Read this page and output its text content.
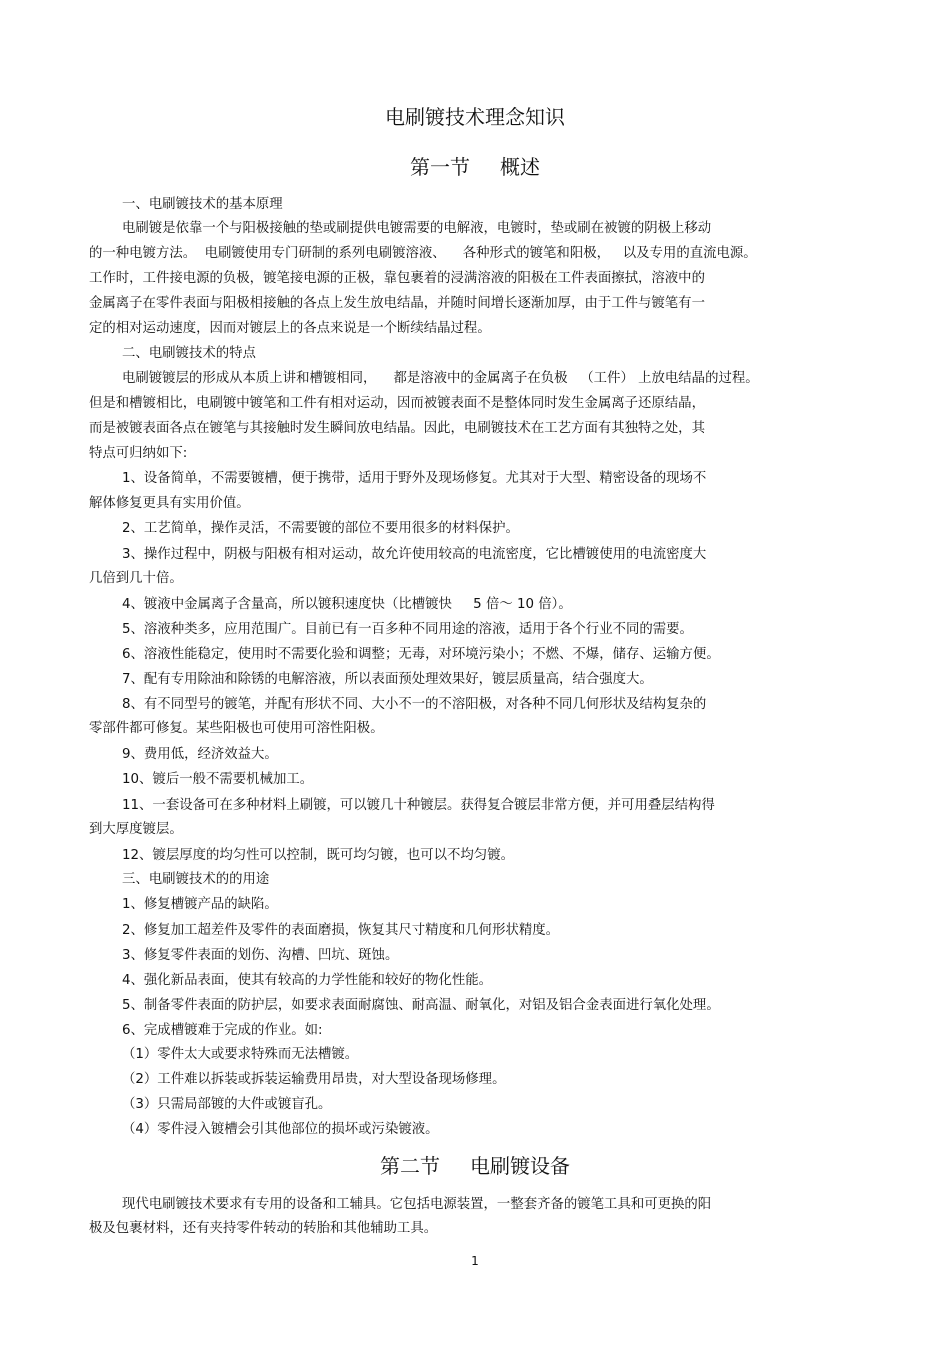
电刷镀技术理念知识
第一节 概述
一、电刷镀技术的基本原理
电刷镀是依靠一个与阳极接触的垫或刷提供电镀需要的电解液，电镀时，垫或刷在被镀的阴极上移动
的一种电镀方法。  电刷镀使用专门研制的系列电刷镀溶液、    各种形式的镀笔和阳极，   以及专用的直流电源。
工作时，工件接电源的负极，镀笔接电源的正极，靠包裹着的浸满溶液的阳极在工件表面擦拭，溶液中的
金属离子在零件表面与阳极相接触的各点上发生放电结晶，并随时间增长逐渐加厚，由于工件与镀笔有一
定的相对运动速度，因而对镀层上的各点来说是一个断续结晶过程。
二、电刷镀技术的特点
电刷镀镀层的形成从本质上讲和槽镀相同，    都是溶液中的金属离子在负极   （工件） 上放电结晶的过程。
但是和槽镀相比，电刷镀中镀笔和工件有相对运动，因而被镀表面不是整体同时发生金属离子还原结晶，
而是被镀表面各点在镀笔与其接触时发生瞬间放电结晶。因此，电刷镀技术在工艺方面有其独特之处，其
特点可归纳如下:
1、设备简单，不需要镀槽，便于携带，适用于野外及现场修复。尤其对于大型、精密设备的现场不
解体修复更具有实用价值。
2、工艺简单，操作灵活，不需要镀的部位不要用很多的材料保护。
3、操作过程中，阴极与阳极有相对运动，故允许使用较高的电流密度，它比槽镀使用的电流密度大
几倍到几十倍。
4、镀液中金属离子含量高，所以镀积速度快（比槽镀快     5 倍～ 10 倍）。
5、溶液种类多，应用范围广。目前已有一百多种不同用途的溶液，适用于各个行业不同的需要。
6、溶液性能稳定，使用时不需要化验和调整；无毒，对环境污染小；不燃、不爆，储存、运输方便。
7、配有专用除油和除锈的电解溶液，所以表面预处理效果好，镀层质量高，结合强度大。
8、有不同型号的镀笔，并配有形状不同、大小不一的不溶阳极，对各种不同几何形状及结构复杂的
零部件都可修复。某些阳极也可使用可溶性阳极。
9、费用低，经济效益大。
10、镀后一般不需要机械加工。
11、一套设备可在多种材料上刷镀，可以镀几十种镀层。获得复合镀层非常方便，并可用叠层结构得
到大厚度镀层。
12、镀层厚度的均匀性可以控制，既可均匀镀，也可以不均匀镀。
三、电刷镀技术的的用途
1、修复槽镀产品的缺陷。
2、修复加工超差件及零件的表面磨损，恢复其尺寸精度和几何形状精度。
3、修复零件表面的划伤、沟槽、凹坑、斑蚀。
4、强化新品表面，使其有较高的力学性能和较好的物化性能。
5、制备零件表面的防护层，如要求表面耐腐蚀、耐高温、耐氧化，对铝及铝合金表面进行氧化处理。
6、完成槽镀难于完成的作业。如:
（1）零件太大或要求特殊而无法槽镀。
（2）工件难以拆装或拆装运输费用昂贵，对大型设备现场修理。
（3）只需局部镀的大件或镀盲孔。
（4）零件浸入镀槽会引其他部位的损坏或污染镀液。
第二节 电刷镀设备
现代电刷镀技术要求有专用的设备和工辅具。它包括电源装置，一整套齐备的镀笔工具和可更换的阳
极及包裹材料，还有夹持零件转动的转胎和其他辅助工具。
1
